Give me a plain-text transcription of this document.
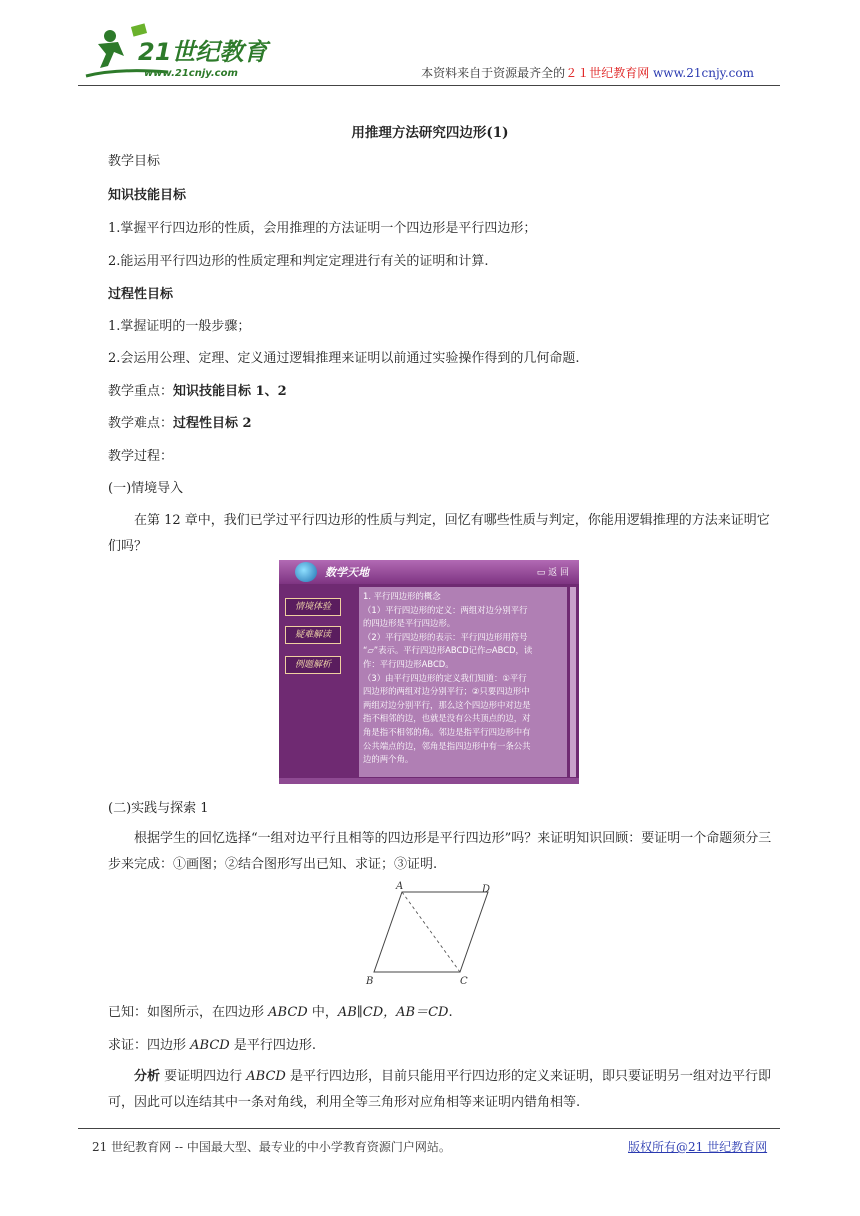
21世纪教育
www.21cnjy.com	本资料来自于资源最齐全的２１世纪教育网 www.21cnjy.com
用推理方法研究四边形(1)
教学目标
知识技能目标
1.掌握平行四边形的性质，会用推理的方法证明一个四边形是平行四边形；
2.能运用平行四边形的性质定理和判定定理进行有关的证明和计算.
过程性目标
1.掌握证明的一般步骤；
2.会运用公理、定理、定义通过逻辑推理来证明以前通过实验操作得到的几何命题.
教学重点：知识技能目标 1、2
教学难点：过程性目标 2
教学过程：
(一)情境导入
在第 12 章中，我们已学过平行四边形的性质与判定，回忆有哪些性质与判定，你能用逻辑推理的方法来证明它们吗？
数学天地	▭ 返 回
情境体验
疑难解读
例题解析
1. 平行四边形的概念
（1）平行四边形的定义：两组对边分别平行
的四边形是平行四边形。
（2）平行四边形的表示：平行四边形用符号
“▱”表示。平行四边形ABCD记作▱ABCD，读
作：平行四边形ABCD。
（3）由平行四边形的定义我们知道：①平行
四边形的两组对边分别平行；②只要四边形中
两组对边分别平行，那么这个四边形中对边是
指不相邻的边，也就是没有公共顶点的边，对
角是指不相邻的角。邻边是指平行四边形中有
公共端点的边，邻角是指四边形中有一条公共
边的两个角。
(二)实践与探索 1
根据学生的回忆选择“一组对边平行且相等的四边形是平行四边形”吗？来证明知识回顾：要证明一个命题须分三步来完成：①画图；②结合图形写出已知、求证；③证明.
A	D
B	C
已知：如图所示，在四边形 ABCD 中，AB∥CD，AB＝CD.
求证：四边形 ABCD 是平行四边形.
分析 要证明四边行 ABCD 是平行四边形，目前只能用平行四边形的定义来证明，即只要证明另一组对边平行即可，因此可以连结其中一条对角线，利用全等三角形对应角相等来证明内错角相等.
21 世纪教育网 -- 中国最大型、最专业的中小学教育资源门户网站。	版权所有@21 世纪教育网
